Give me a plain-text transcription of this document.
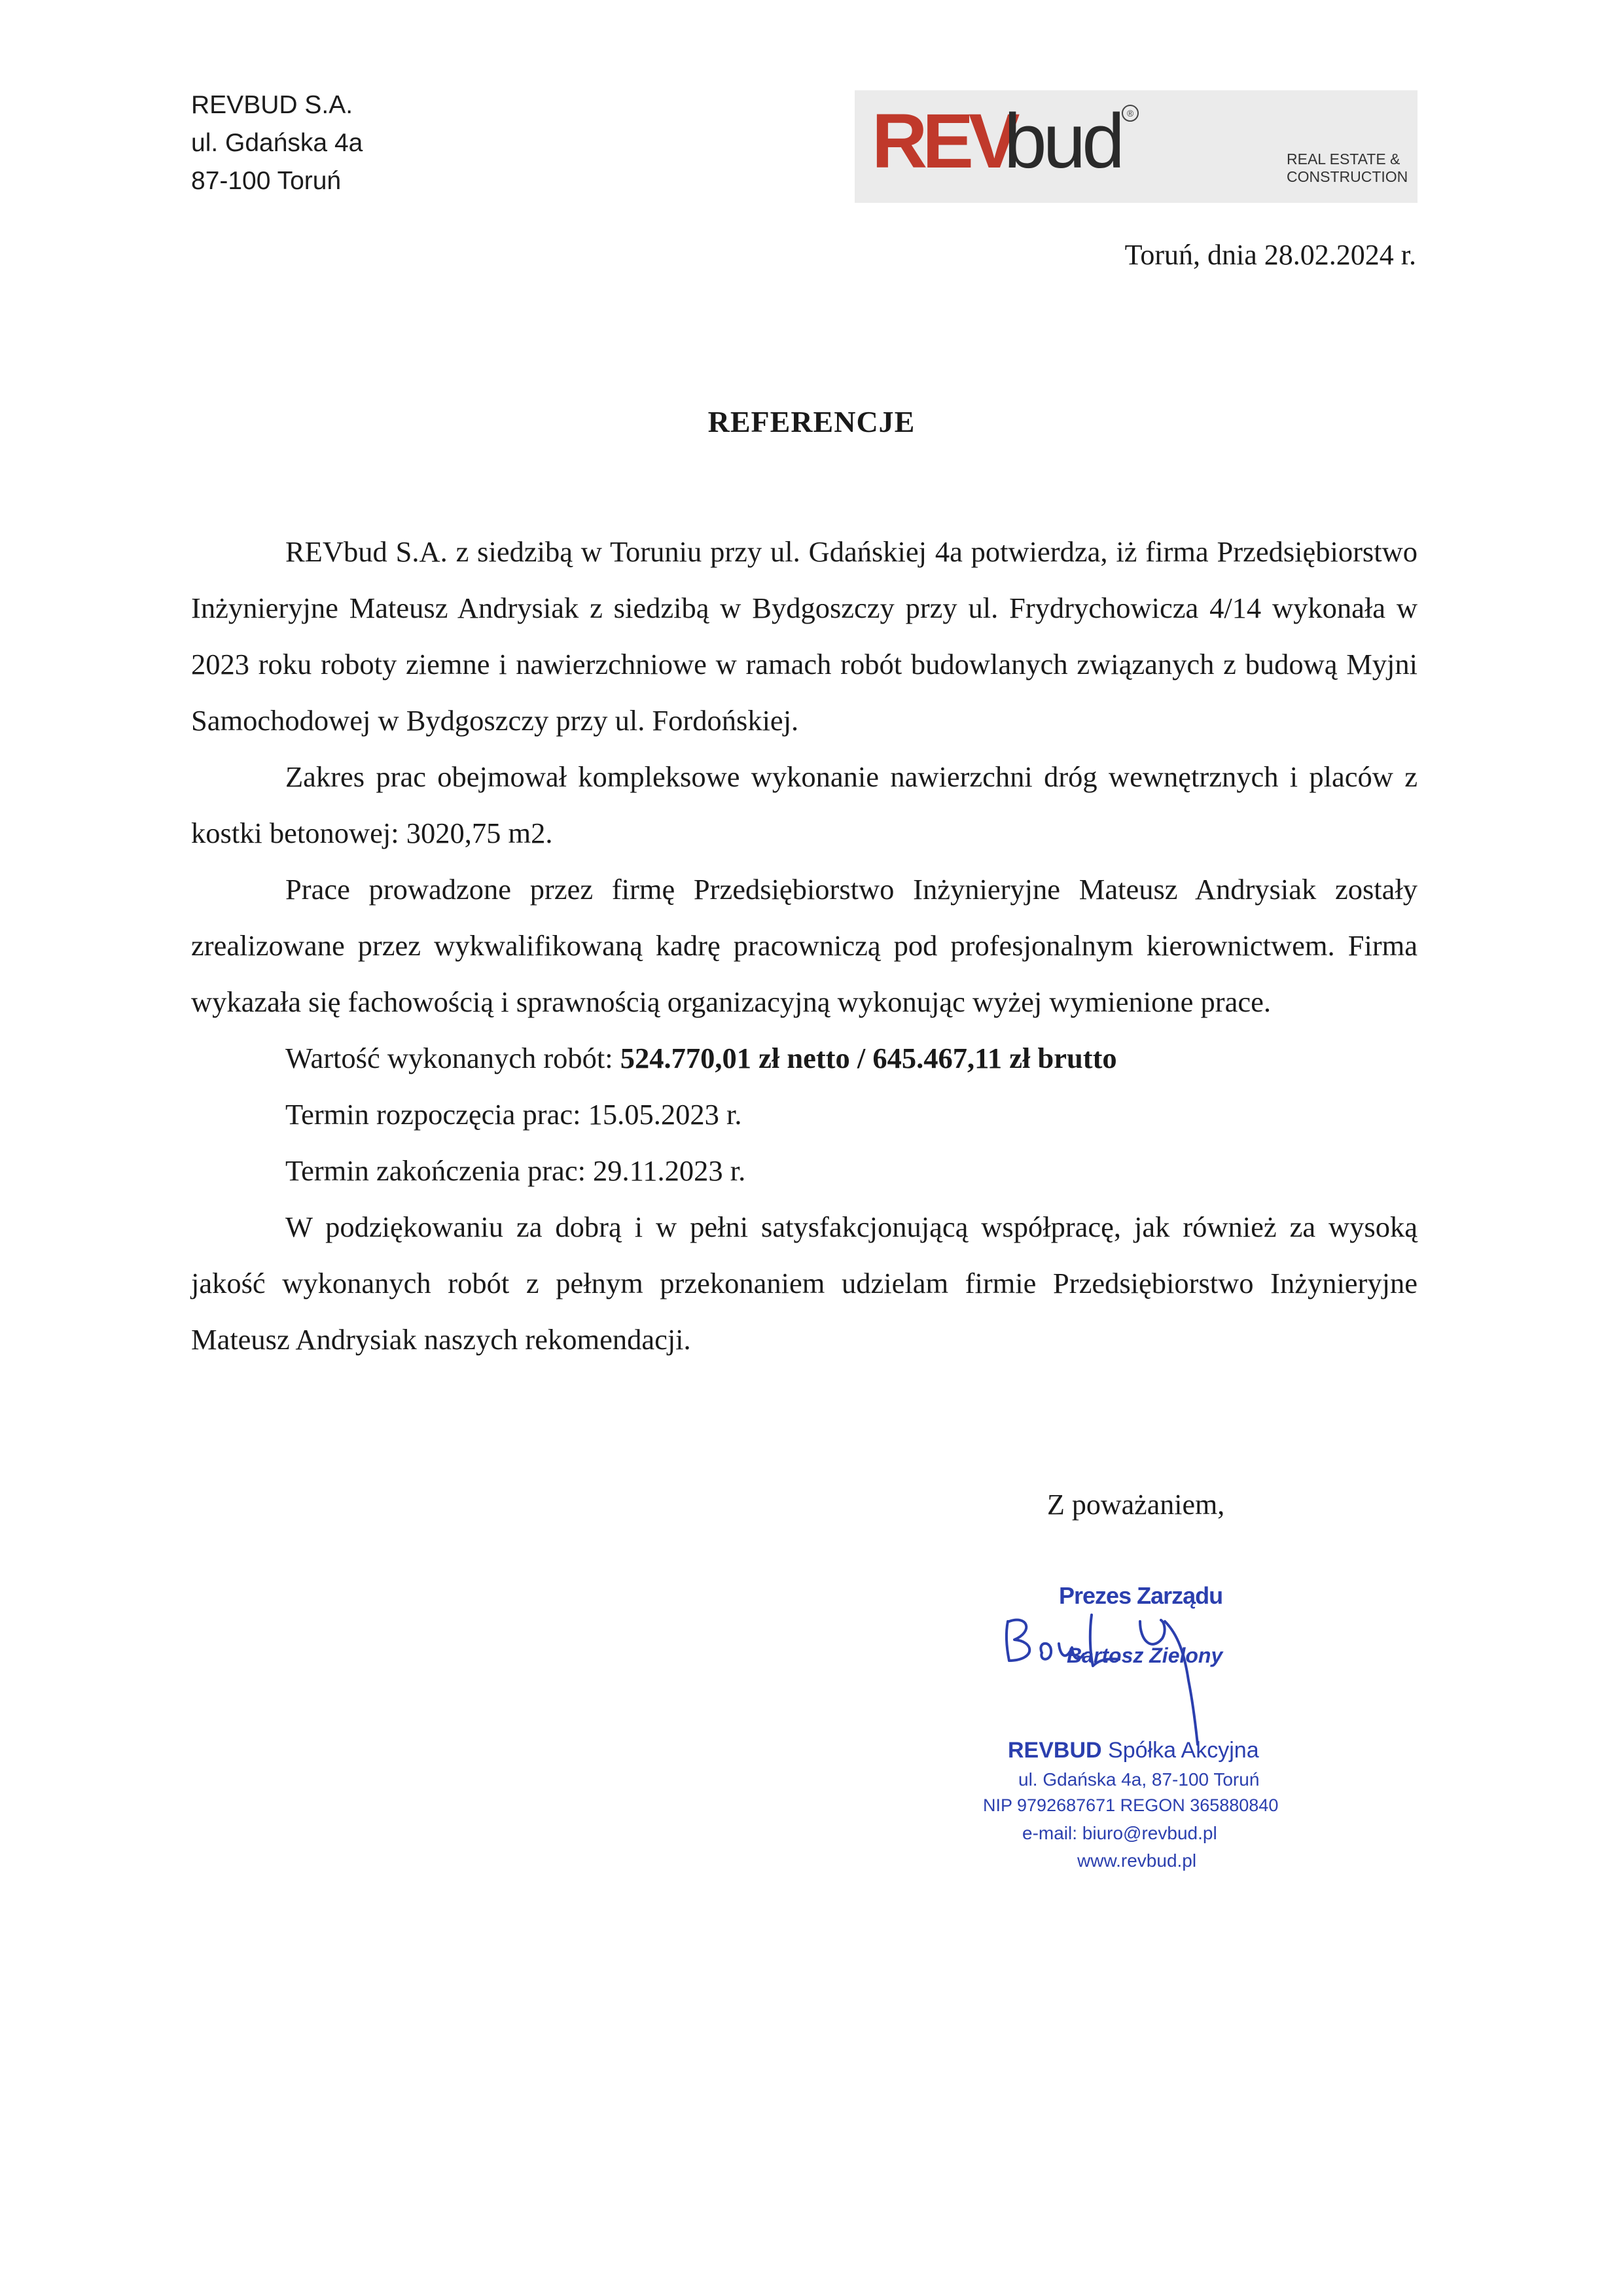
REVBUD S.A.
ul. Gdańska 4a
87-100 Toruń	REV
bud ®
REAL ESTATE &
CONSTRUCTION
Toruń, dnia 28.02.2024 r.
REFERENCJE

REVbud S.A. z siedzibą w Toruniu przy ul. Gdańskiej 4a potwierdza, iż firma Przedsiębiorstwo Inżynieryjne Mateusz Andrysiak z siedzibą w Bydgoszczy przy ul. Frydrychowicza 4/14 wykonała w 2023 roku roboty ziemne i nawierzchniowe w ramach robót budowlanych związanych z budową Myjni Samochodowej w Bydgoszczy przy ul. Fordońskiej.

Zakres prac obejmował kompleksowe wykonanie nawierzchni dróg wewnętrznych i placów z kostki betonowej: 3020,75 m2.

Prace prowadzone przez firmę Przedsiębiorstwo Inżynieryjne Mateusz Andrysiak zostały zrealizowane przez wykwalifikowaną kadrę pracowniczą pod profesjonalnym kierownictwem. Firma wykazała się fachowością i sprawnością organizacyjną wykonując wyżej wymienione prace.

Wartość wykonanych robót: 524.770,01 zł netto / 645.467,11 zł brutto

Termin rozpoczęcia prac: 15.05.2023 r.

Termin zakończenia prac: 29.11.2023 r.

W podziękowaniu za dobrą i w pełni satysfakcjonującą współpracę, jak również za wysoką jakość wykonanych robót z pełnym przekonaniem udzielam firmie Przedsiębiorstwo Inżynieryjne Mateusz Andrysiak naszych rekomendacji.

Z poważaniem,
Prezes Zarządu
Bartosz Zielony
REVBUD Spółka Akcyjna
ul. Gdańska 4a, 87-100 Toruń
NIP 9792687671 REGON 365880840
e-mail: biuro@revbud.pl
www.revbud.pl
